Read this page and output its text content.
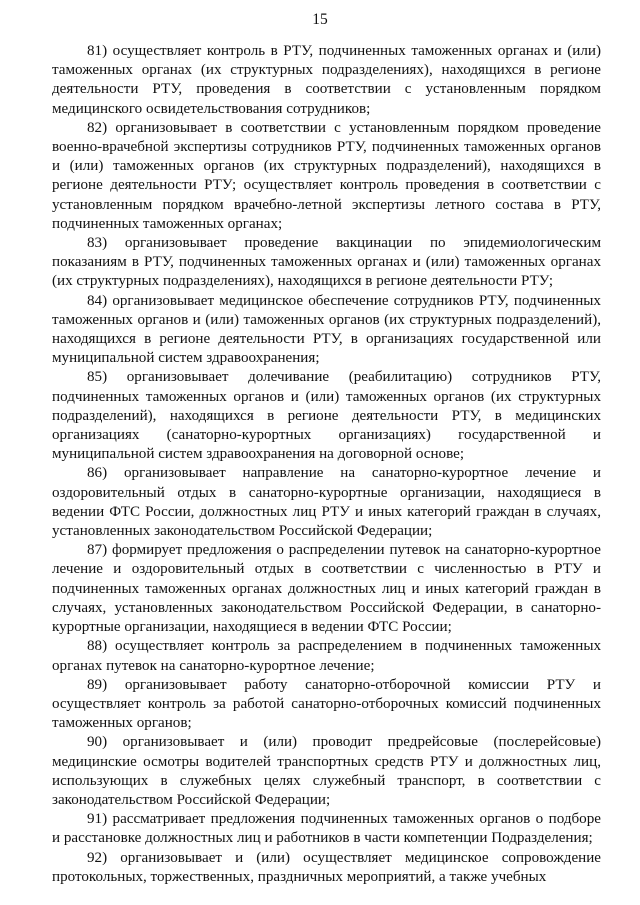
15

81) осуществляет контроль в РТУ, подчиненных таможенных органах и (или) таможенных органах (их структурных подразделениях), находящихся в регионе деятельности РТУ, проведения в соответствии с установленным порядком медицинского освидетельствования сотрудников;

82) организовывает в соответствии с установленным порядком проведение военно-врачебной экспертизы сотрудников РТУ, подчиненных таможенных органов и (или) таможенных органов (их структурных подразделений), находящихся в регионе деятельности РТУ; осуществляет контроль проведения в соответствии с установленным порядком врачебно-летной экспертизы летного состава в РТУ, подчиненных таможенных органах;

83) организовывает проведение вакцинации по эпидемиологическим показаниям в РТУ, подчиненных таможенных органах и (или) таможенных органах (их структурных подразделениях), находящихся в регионе деятельности РТУ;

84) организовывает медицинское обеспечение сотрудников РТУ, подчиненных таможенных органов и (или) таможенных органов (их структурных подразделений), находящихся в регионе деятельности РТУ, в организациях государственной или муниципальной систем здравоохранения;

85) организовывает долечивание (реабилитацию) сотрудников РТУ, подчиненных таможенных органов и (или) таможенных органов (их структурных подразделений), находящихся в регионе деятельности РТУ, в медицинских организациях (санаторно-курортных организациях) государственной и муниципальной систем здравоохранения на договорной основе;

86) организовывает направление на санаторно-курортное лечение и оздоровительный отдых в санаторно-курортные организации, находящиеся в ведении ФТС России, должностных лиц РТУ и иных категорий граждан в случаях, установленных законодательством Российской Федерации;

87) формирует предложения о распределении путевок на санаторно-курортное лечение и оздоровительный отдых в соответствии с численностью в РТУ и подчиненных таможенных органах должностных лиц и иных категорий граждан в случаях, установленных законодательством Российской Федерации, в санаторно-курортные организации, находящиеся в ведении ФТС России;

88) осуществляет контроль за распределением в подчиненных таможенных органах путевок на санаторно-курортное лечение;

89) организовывает работу санаторно-отборочной комиссии РТУ и осуществляет контроль за работой санаторно-отборочных комиссий подчиненных таможенных органов;

90) организовывает и (или) проводит предрейсовые (послерейсовые) медицинские осмотры водителей транспортных средств РТУ и должностных лиц, использующих в служебных целях служебный транспорт, в соответствии с законодательством Российской Федерации;

91) рассматривает предложения подчиненных таможенных органов о подборе и расстановке должностных лиц и работников в части компетенции Подразделения;

92) организовывает и (или) осуществляет медицинское сопровождение протокольных, торжественных, праздничных мероприятий, а также учебных
